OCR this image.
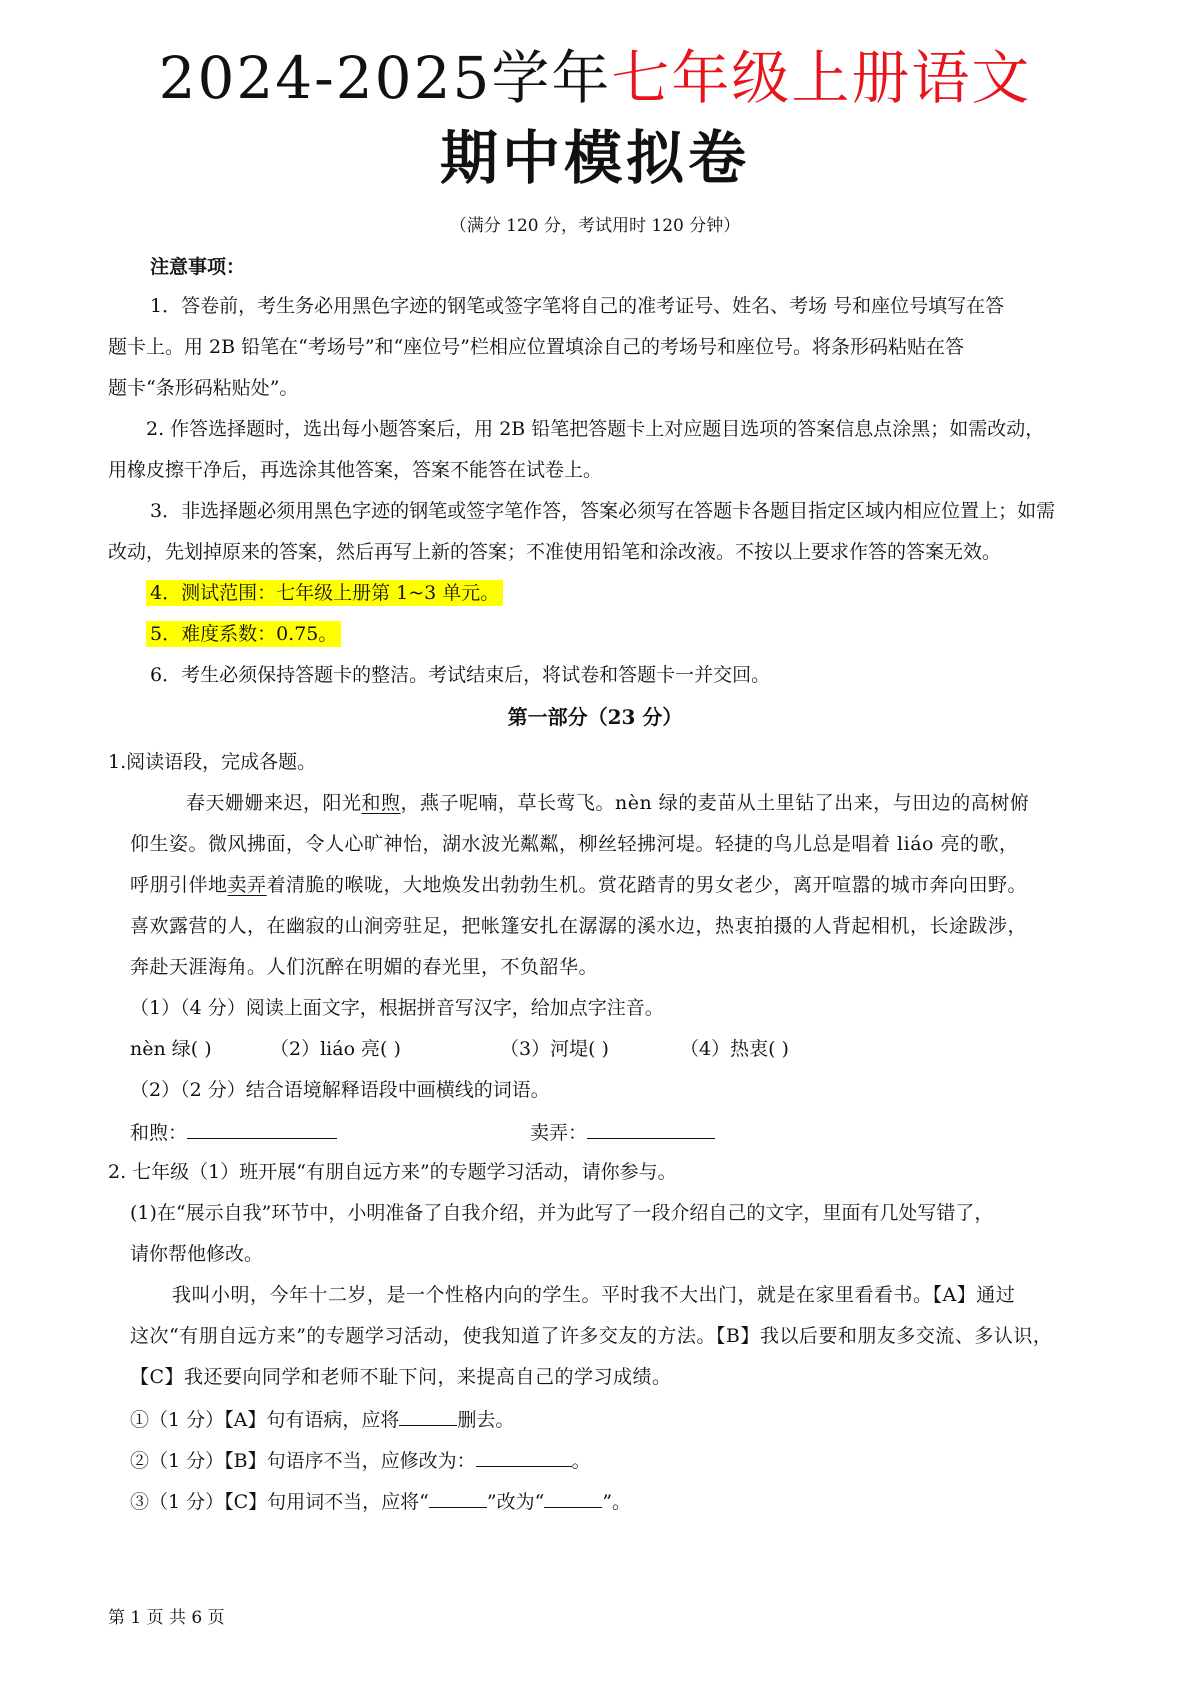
2024-2025学年七年级上册语文
期中模拟卷
（满分 120 分，考试用时 120 分钟）
注意事项：
1．答卷前，考生务必用黑色字迹的钢笔或签字笔将自己的准考证号、姓名、考场 号和座位号填写在答
题卡上。用 2B 铅笔在“考场号”和“座位号”栏相应位置填涂自己的考场号和座位号。将条形码粘贴在答
题卡“条形码粘贴处”。
2. 作答选择题时，选出每小题答案后，用 2B 铅笔把答题卡上对应题目选项的答案信息点涂黑；如需改动，
用橡皮擦干净后，再选涂其他答案，答案不能答在试卷上。
3．非选择题必须用黑色字迹的钢笔或签字笔作答，答案必须写在答题卡各题目指定区域内相应位置上；如需
改动，先划掉原来的答案，然后再写上新的答案；不准使用铅笔和涂改液。不按以上要求作答的答案无效。
4．测试范围：七年级上册第 1~3 单元。
5．难度系数：0.75。
6．考生必须保持答题卡的整洁。考试结束后，将试卷和答题卡一并交回。
第一部分（23 分）
1.阅读语段，完成各题。
春天姗姗来迟，阳光和煦，燕子呢喃，草长莺飞。nèn 绿的麦苗从土里钻了出来，与田边的高树俯
仰生姿。微风拂面，令人心旷神怡，湖水波光粼粼，柳丝轻拂河堤。轻捷的鸟儿总是唱着 liáo 亮的歌，
呼朋引伴地卖弄着清脆的喉咙，大地焕发出勃勃生机。赏花踏青的男女老少，离开喧嚣的城市奔向田野。
喜欢露营的人，在幽寂的山涧旁驻足，把帐篷安扎在潺潺的溪水边，热衷拍摄的人背起相机，长途跋涉，
奔赴天涯海角。人们沉醉在明媚的春光里，不负韶华。
（1）（4 分）阅读上面文字，根据拼音写汉字，给加点字注音。
nèn 绿( )	（2）liáo 亮( )	（3）河堤( )	（4）热衷( )
（2）（2 分）结合语境解释语段中画横线的词语。
和煦：	卖弄：
2. 七年级（1）班开展“有朋自远方来”的专题学习活动，请你参与。
(1)在“展示自我”环节中，小明准备了自我介绍，并为此写了一段介绍自己的文字，里面有几处写错了，
请你帮他修改。
我叫小明，今年十二岁，是一个性格内向的学生。平时我不大出门，就是在家里看看书。【A】通过
这次“有朋自远方来”的专题学习活动，使我知道了许多交友的方法。【B】我以后要和朋友多交流、多认识，
【C】我还要向同学和老师不耻下问，来提高自己的学习成绩。
①（1 分）【A】句有语病，应将	删去。
②（1 分）【B】句语序不当，应修改为：	。
③（1 分）【C】句用词不当，应将“	”改为“	”。
第 1 页 共 6 页
